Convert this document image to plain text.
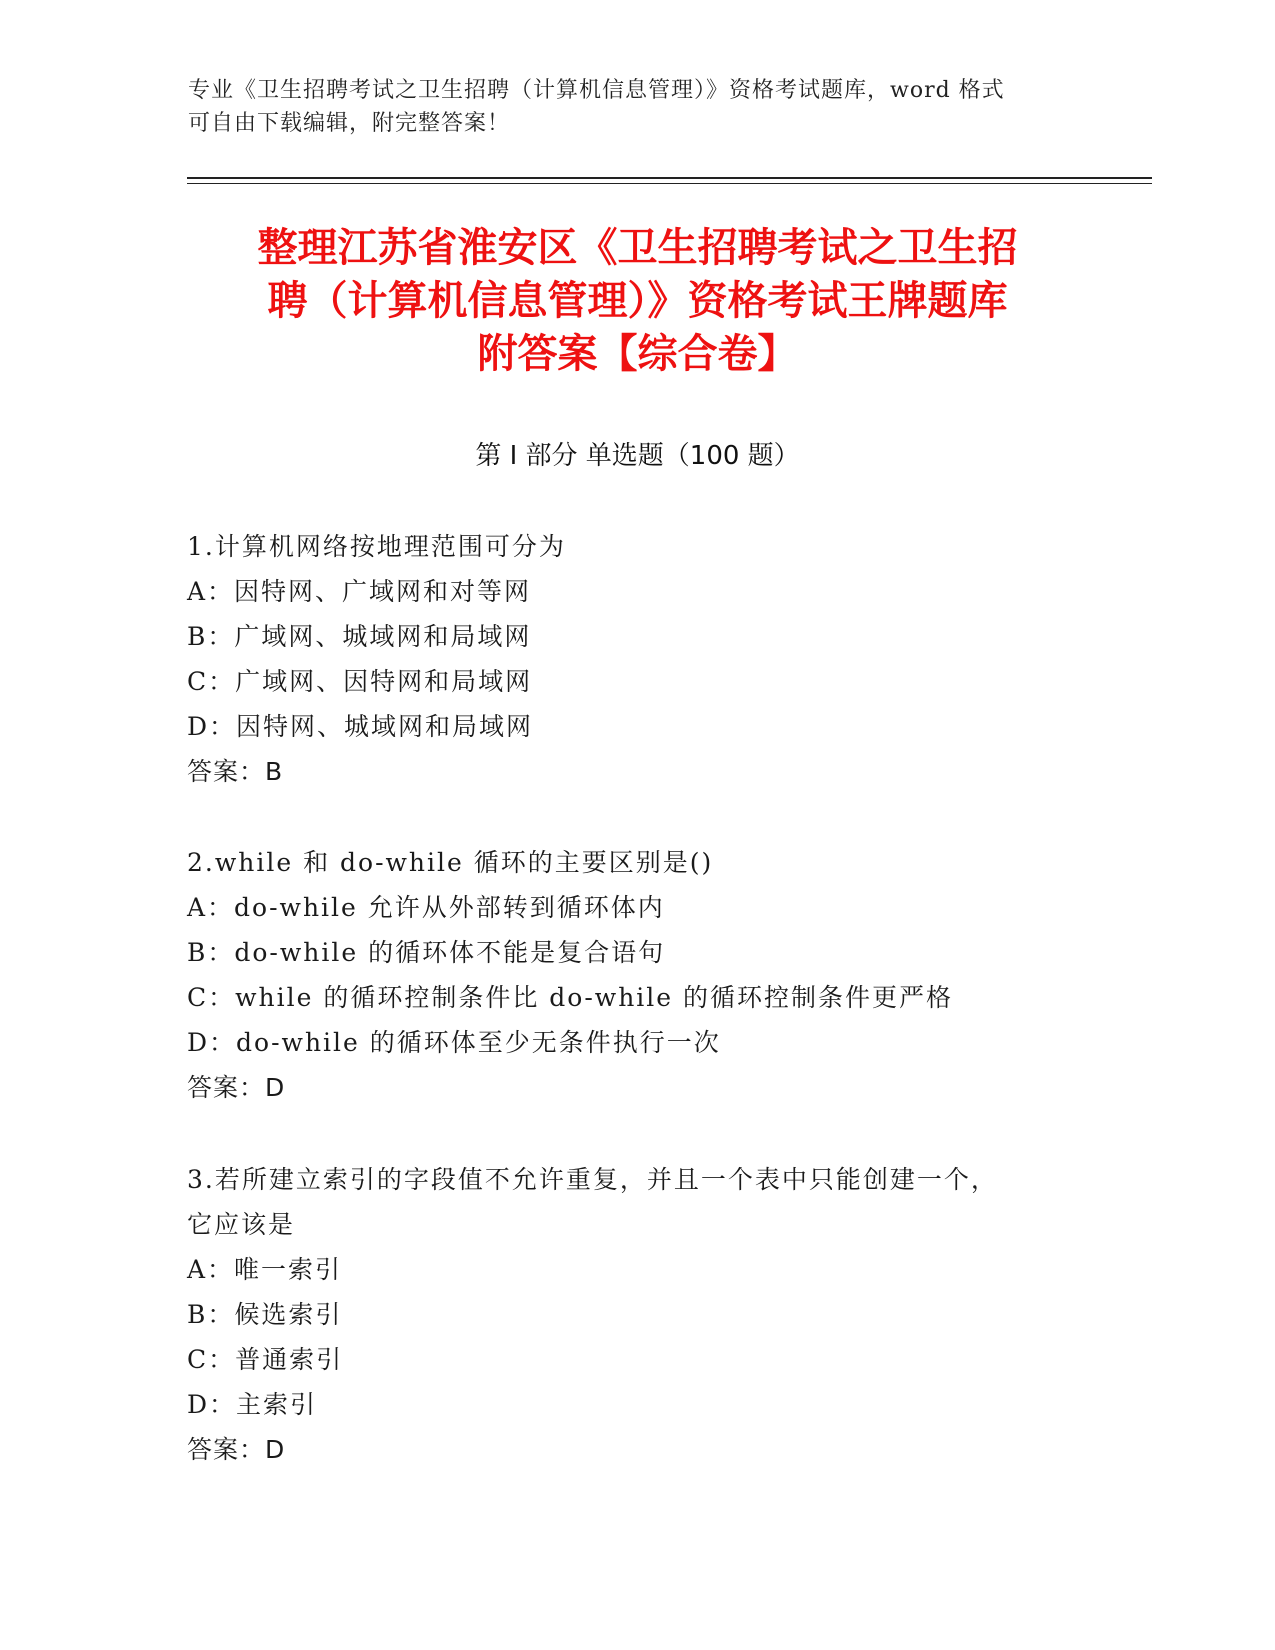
专业《卫生招聘考试之卫生招聘（计算机信息管理）》资格考试题库，word 格式
可自由下载编辑，附完整答案！
整理江苏省淮安区《卫生招聘考试之卫生招
聘（计算机信息管理）》资格考试王牌题库
附答案【综合卷】
第 I 部分 单选题（100 题）
1.计算机网络按地理范围可分为
A：因特网、广域网和对等网
B：广域网、城域网和局域网
C：广域网、因特网和局域网
D：因特网、城域网和局域网
答案：B
2.while 和 do-while 循环的主要区别是()
A：do-while 允许从外部转到循环体内
B：do-while 的循环体不能是复合语句
C：while 的循环控制条件比 do-while 的循环控制条件更严格
D：do-while 的循环体至少无条件执行一次
答案：D
3.若所建立索引的字段值不允许重复，并且一个表中只能创建一个，
它应该是
A：唯一索引
B：候选索引
C：普通索引
D：主索引
答案：D
